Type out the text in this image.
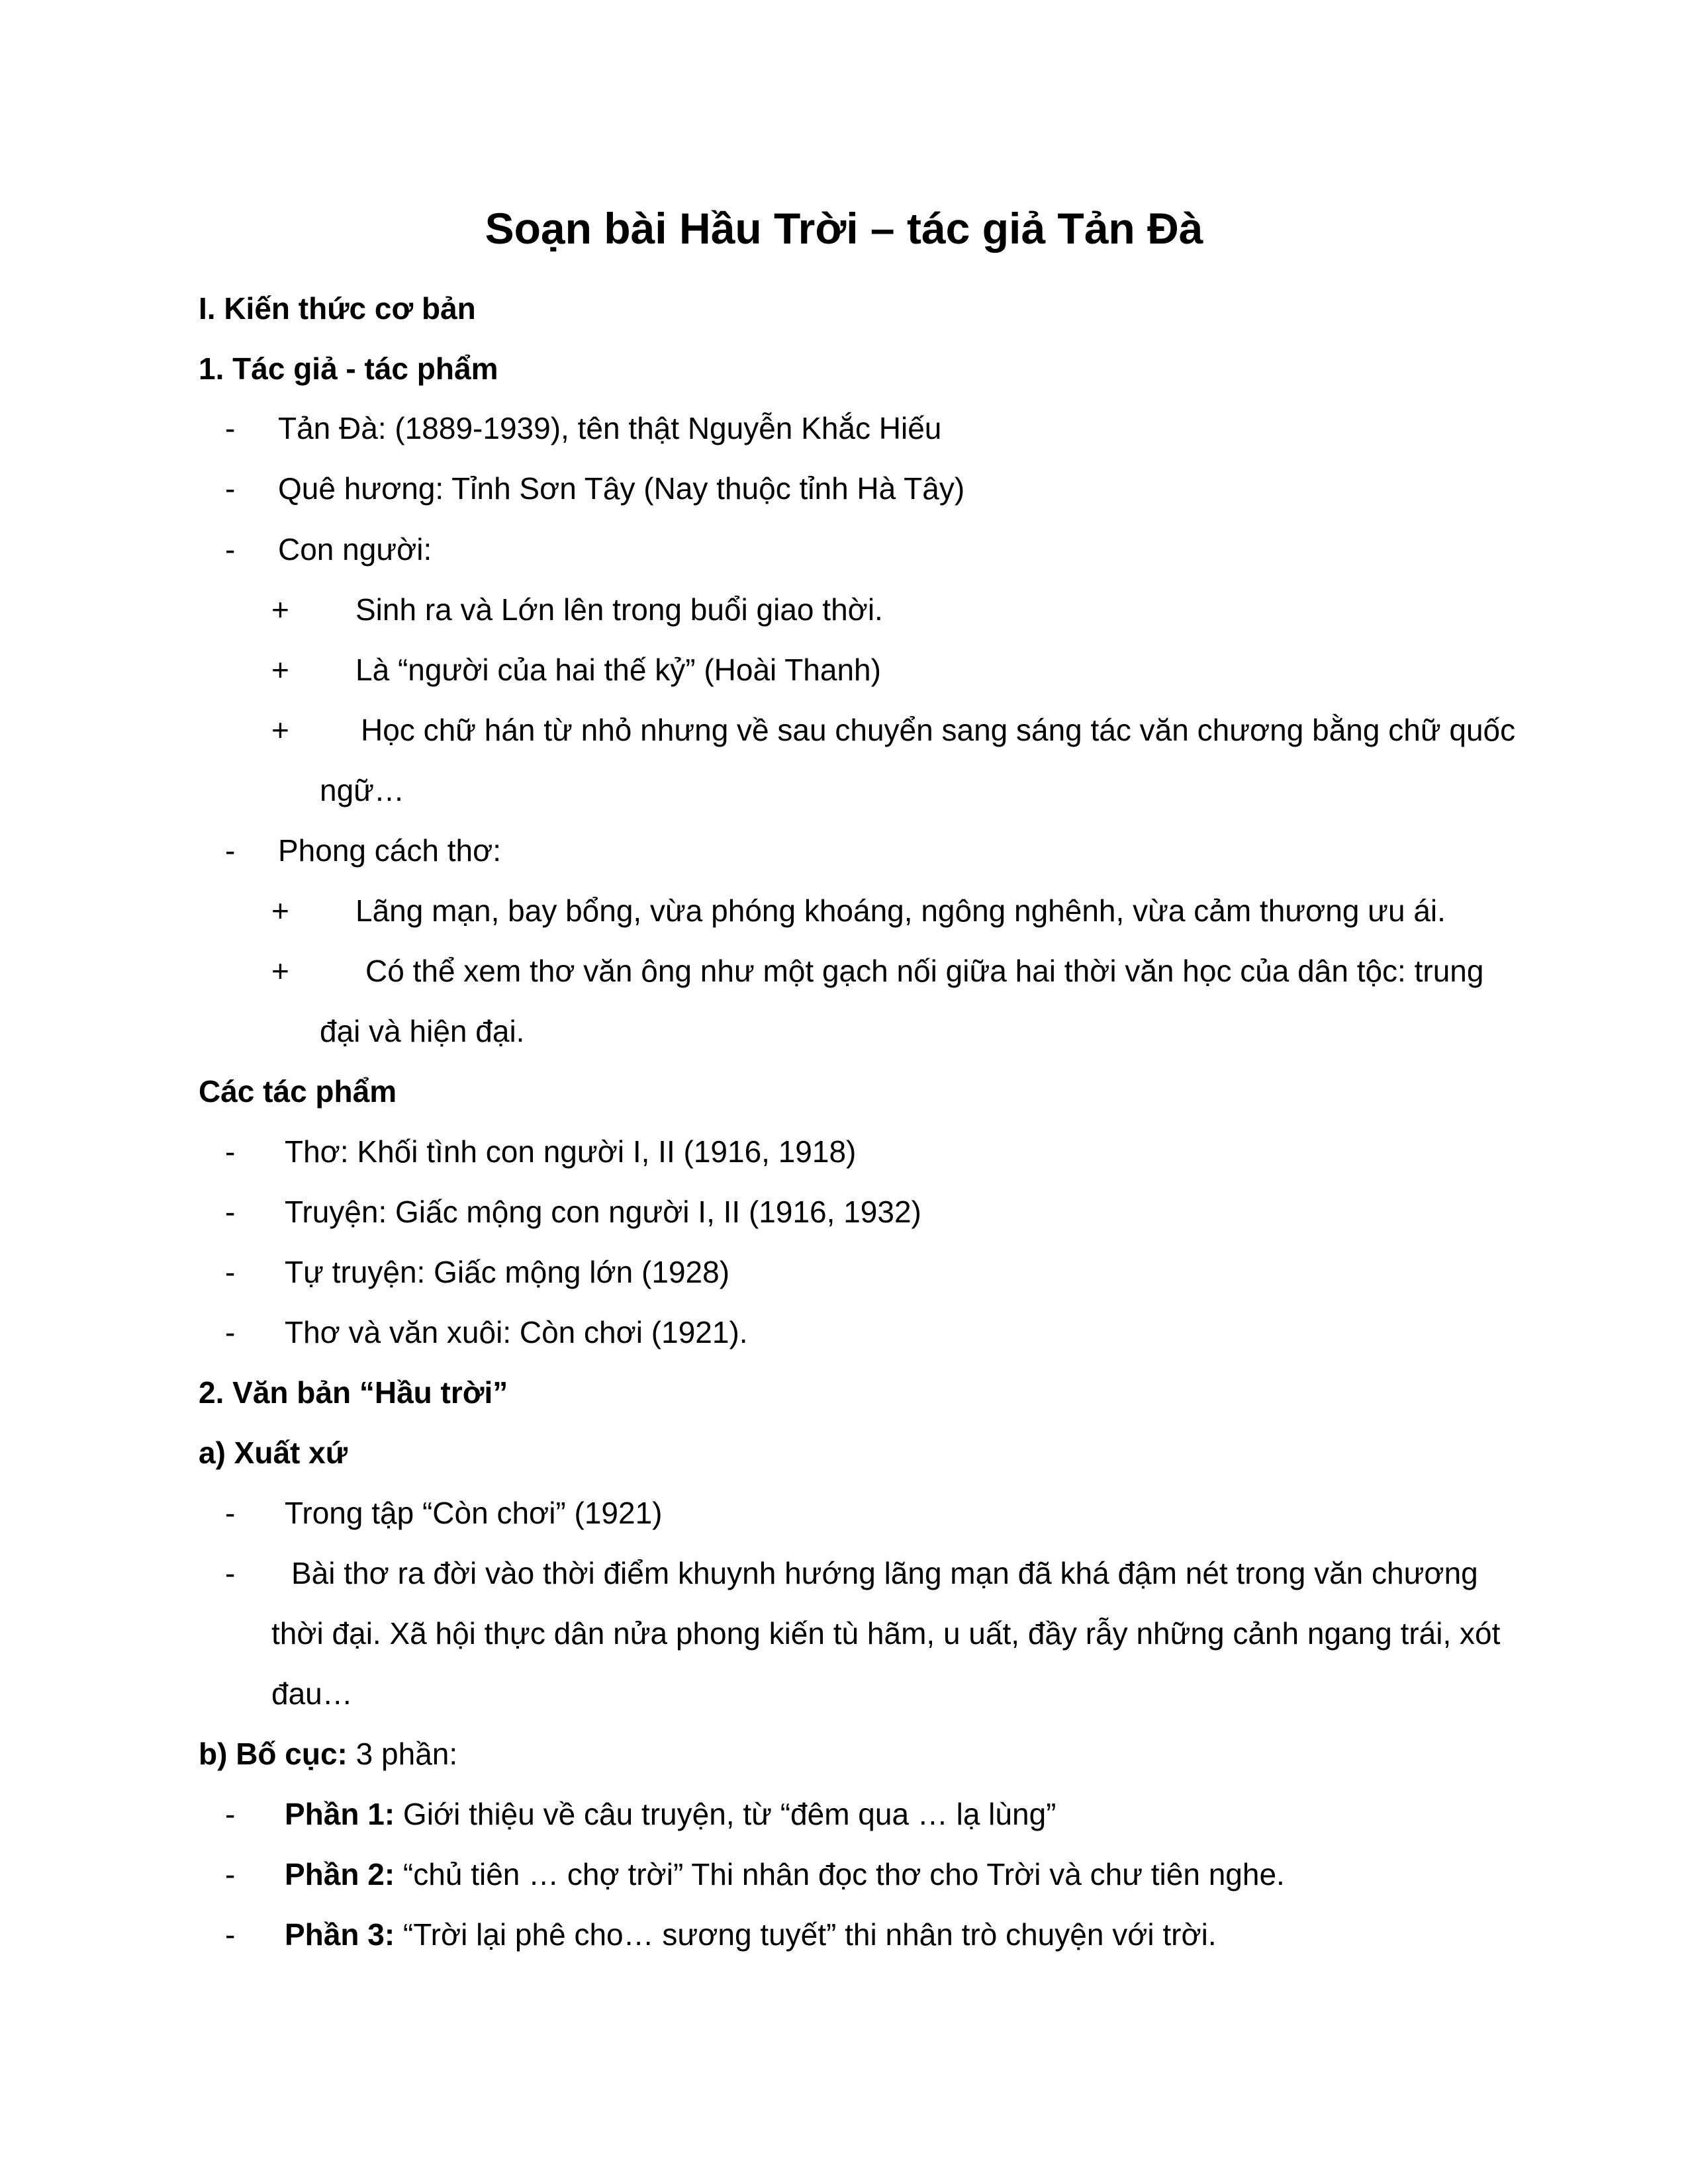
Soạn bài Hầu Trời – tác giả Tản Đà
I. Kiến thức cơ bản
1. Tác giả - tác phẩm
- Tản Đà: (1889-1939), tên thật Nguyễn Khắc Hiếu
- Quê hương: Tỉnh Sơn Tây (Nay thuộc tỉnh Hà Tây)
- Con người:
+ Sinh ra và Lớn lên trong buổi giao thời.
+ Là “người của hai thế kỷ” (Hoài Thanh)
+ Học chữ hán từ nhỏ nhưng về sau chuyển sang sáng tác văn chương bằng chữ quốc
ngữ…
- Phong cách thơ:
+ Lãng mạn, bay bổng, vừa phóng khoáng, ngông nghênh, vừa cảm thương ưu ái.
+	Có thể xem thơ văn ông như một gạch nối giữa hai thời văn học của dân tộc: trung
đại và hiện đại.
Các tác phẩm
- Thơ: Khối tình con người I, II (1916, 1918)
- Truyện: Giấc mộng con người I, II (1916, 1932)
- Tự truyện: Giấc mộng lớn (1928)
- Thơ và văn xuôi: Còn chơi (1921).
2. Văn bản “Hầu trời”
a) Xuất xứ
- Trong tập “Còn chơi” (1921)
- Bài thơ ra đời vào thời điểm khuynh hướng lãng mạn đã khá đậm nét trong văn chương
thời đại. Xã hội thực dân nửa phong kiến tù hãm, u uất, đầy rẫy những cảnh ngang trái, xót
đau…
b) Bố cục: 3 phần:
- Phần 1: Giới thiệu về câu truyện, từ “đêm qua … lạ lùng”
- Phần 2: “chủ tiên … chợ trời” Thi nhân đọc thơ cho Trời và chư tiên nghe.
- Phần 3: “Trời lại phê cho… sương tuyết” thi nhân trò chuyện với trời.
